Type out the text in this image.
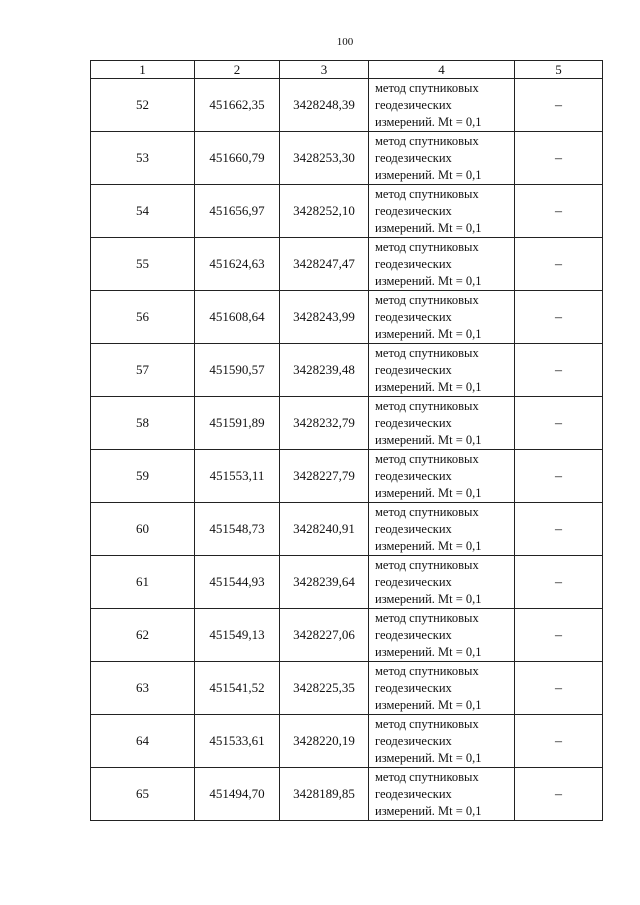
100
1	2	3	4	5
52	451662,35	3428248,39	метод спутниковых
геодезических
измерений. Mt = 0,1	–
53	451660,79	3428253,30	метод спутниковых
геодезических
измерений. Mt = 0,1	–
54	451656,97	3428252,10	метод спутниковых
геодезических
измерений. Mt = 0,1	–
55	451624,63	3428247,47	метод спутниковых
геодезических
измерений. Mt = 0,1	–
56	451608,64	3428243,99	метод спутниковых
геодезических
измерений. Mt = 0,1	–
57	451590,57	3428239,48	метод спутниковых
геодезических
измерений. Mt = 0,1	–
58	451591,89	3428232,79	метод спутниковых
геодезических
измерений. Mt = 0,1	–
59	451553,11	3428227,79	метод спутниковых
геодезических
измерений. Mt = 0,1	–
60	451548,73	3428240,91	метод спутниковых
геодезических
измерений. Mt = 0,1	–
61	451544,93	3428239,64	метод спутниковых
геодезических
измерений. Mt = 0,1	–
62	451549,13	3428227,06	метод спутниковых
геодезических
измерений. Mt = 0,1	–
63	451541,52	3428225,35	метод спутниковых
геодезических
измерений. Mt = 0,1	–
64	451533,61	3428220,19	метод спутниковых
геодезических
измерений. Mt = 0,1	–
65	451494,70	3428189,85	метод спутниковых
геодезических
измерений. Mt = 0,1	–
